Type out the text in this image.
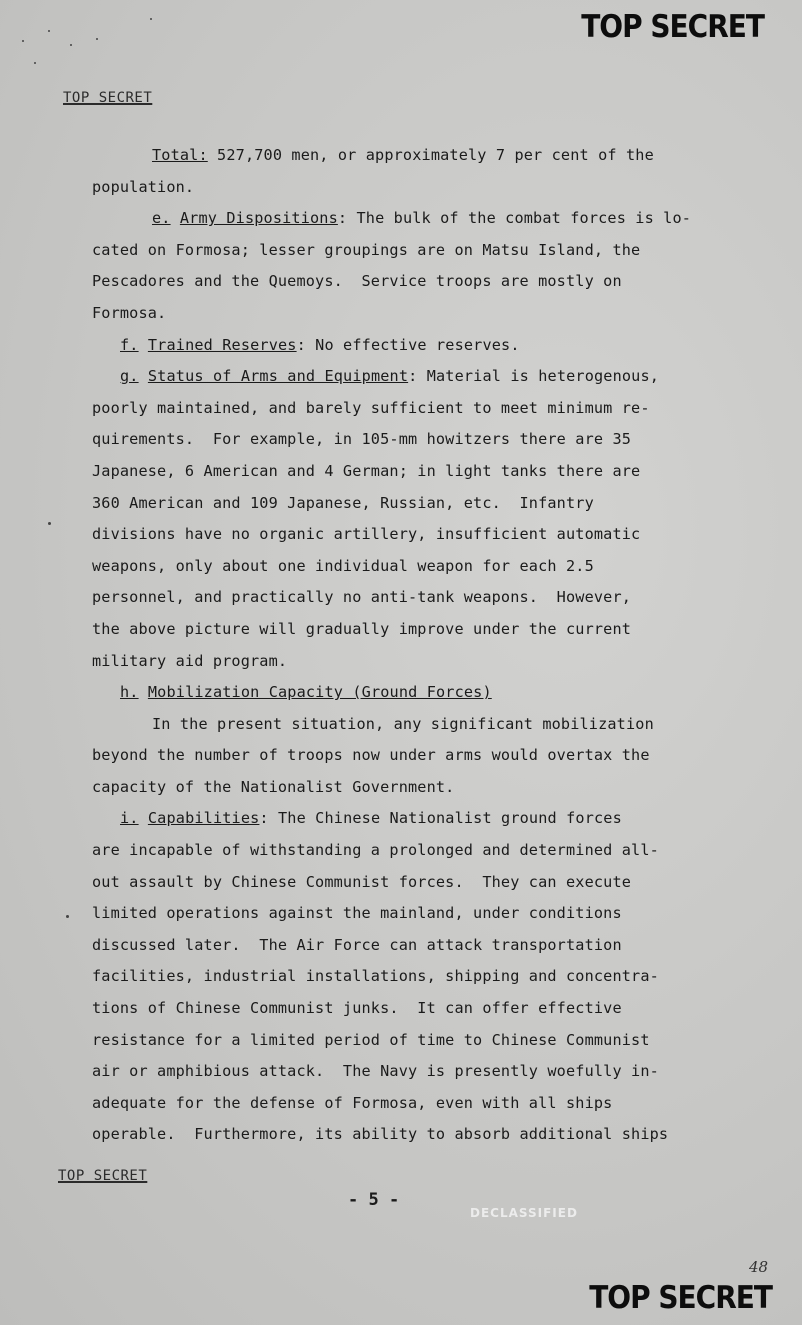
TOP SECRET
TOP SECRET
Total: 527,700 men, or approximately 7 per cent of the
population.
e. Army Dispositions: The bulk of the combat forces is lo-
cated on Formosa; lesser groupings are on Matsu Island, the
Pescadores and the Quemoys.  Service troops are mostly on
Formosa.
f. Trained Reserves: No effective reserves.
g. Status of Arms and Equipment: Material is heterogenous,
poorly maintained, and barely sufficient to meet minimum re-
quirements.  For example, in 105-mm howitzers there are 35
Japanese, 6 American and 4 German; in light tanks there are
360 American and 109 Japanese, Russian, etc.  Infantry
divisions have no organic artillery, insufficient automatic
weapons, only about one individual weapon for each 2.5
personnel, and practically no anti-tank weapons.  However,
the above picture will gradually improve under the current
military aid program.
h. Mobilization Capacity (Ground Forces)
In the present situation, any significant mobilization
beyond the number of troops now under arms would overtax the
capacity of the Nationalist Government.
i. Capabilities: The Chinese Nationalist ground forces
are incapable of withstanding a prolonged and determined all-
out assault by Chinese Communist forces.  They can execute
limited operations against the mainland, under conditions
discussed later.  The Air Force can attack transportation
facilities, industrial installations, shipping and concentra-
tions of Chinese Communist junks.  It can offer effective
resistance for a limited period of time to Chinese Communist
air or amphibious attack.  The Navy is presently woefully in-
adequate for the defense of Formosa, even with all ships
operable.  Furthermore, its ability to absorb additional ships
TOP SECRET
- 5 -
DECLASSIFIED
48
TOP SECRET
